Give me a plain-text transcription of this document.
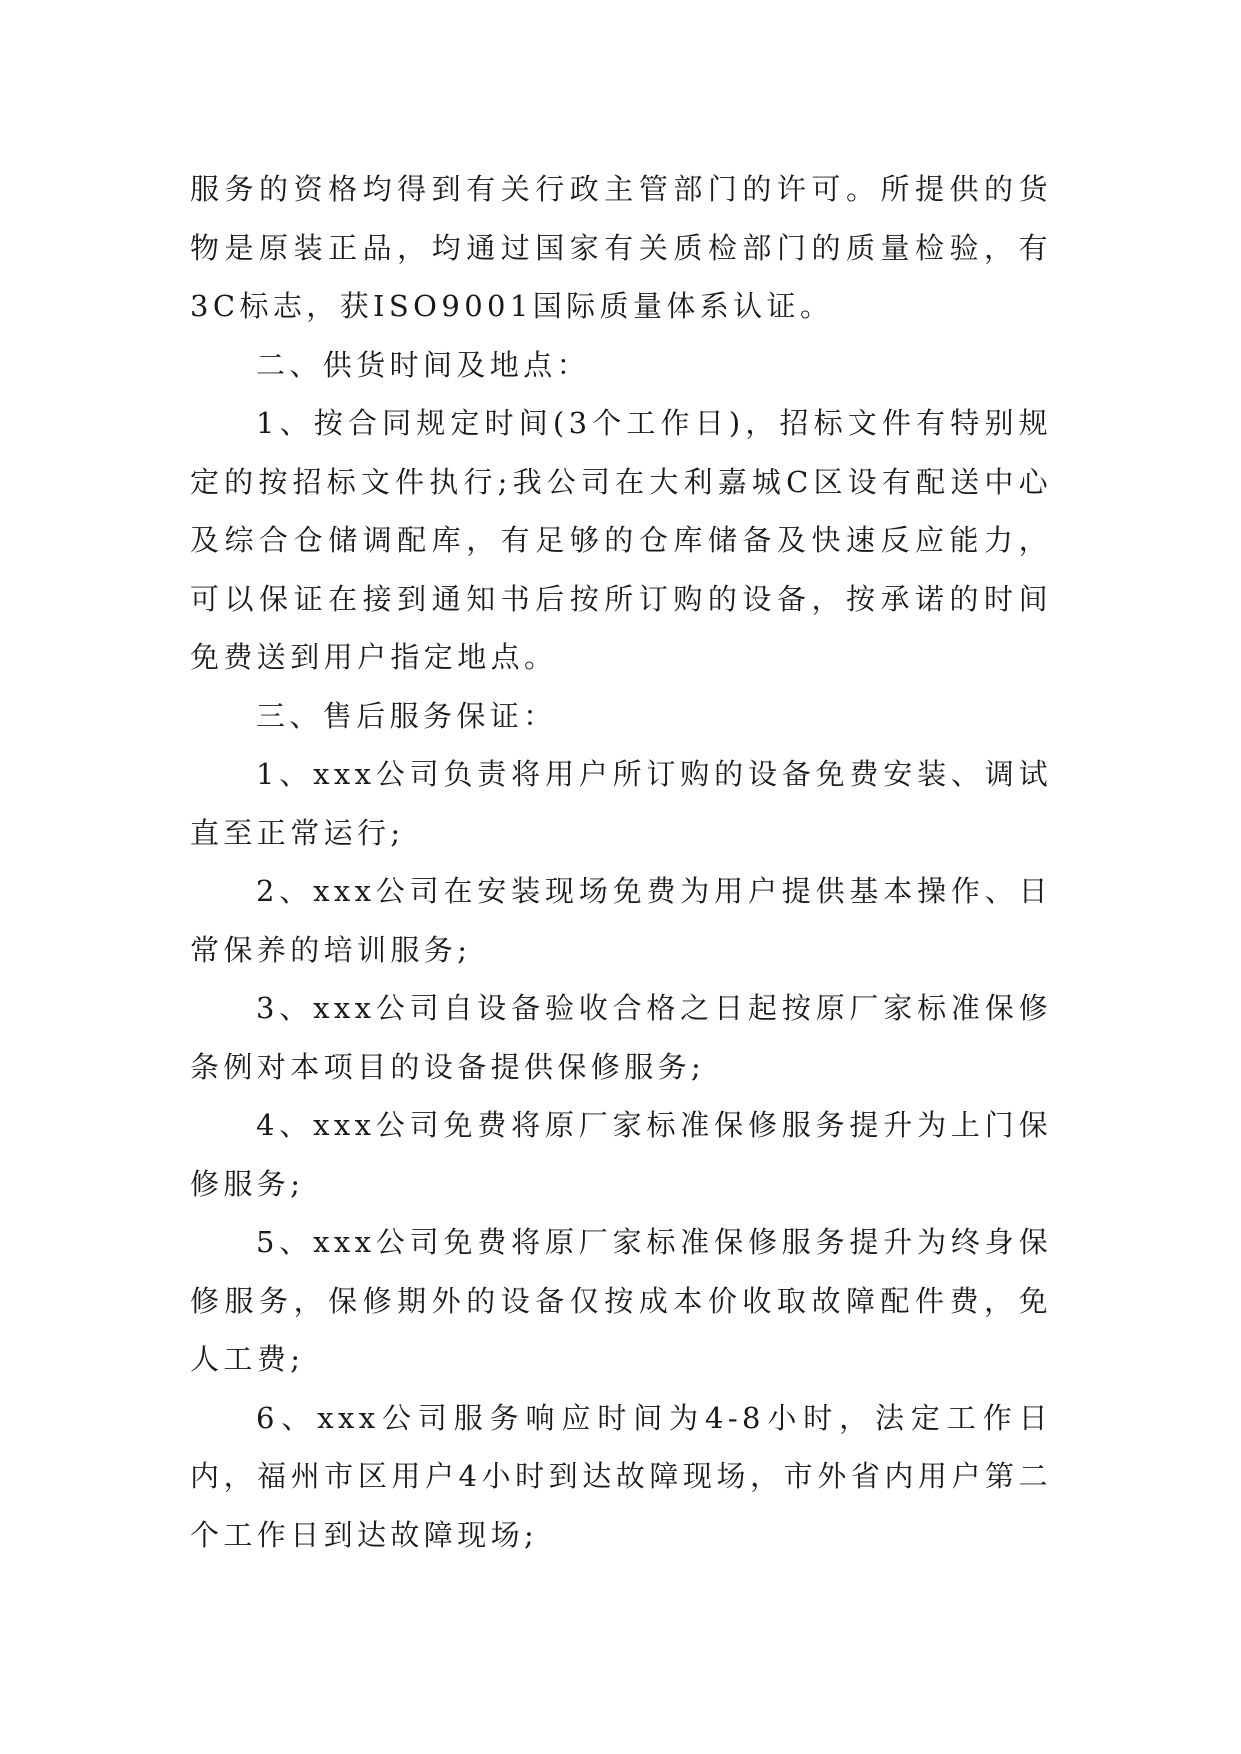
服务的资格均得到有关行政主管部门的许可。所提供的货物是原装正品，均通过国家有关质检部门的质量检验，有3C标志，获ISO9001国际质量体系认证。

二、供货时间及地点：

1、按合同规定时间(3个工作日)，招标文件有特别规定的按招标文件执行;我公司在大利嘉城C区设有配送中心及综合仓储调配库，有足够的仓库储备及快速反应能力，可以保证在接到通知书后按所订购的设备，按承诺的时间免费送到用户指定地点。

三、售后服务保证：

1、xxx公司负责将用户所订购的设备免费安装、调试直至正常运行;

2、xxx公司在安装现场免费为用户提供基本操作、日常保养的培训服务;

3、xxx公司自设备验收合格之日起按原厂家标准保修条例对本项目的设备提供保修服务;

4、xxx公司免费将原厂家标准保修服务提升为上门保修服务;

5、xxx公司免费将原厂家标准保修服务提升为终身保修服务，保修期外的设备仅按成本价收取故障配件费，免人工费;

6、xxx公司服务响应时间为4-8小时，法定工作日内，福州市区用户4小时到达故障现场，市外省内用户第二个工作日到达故障现场;
